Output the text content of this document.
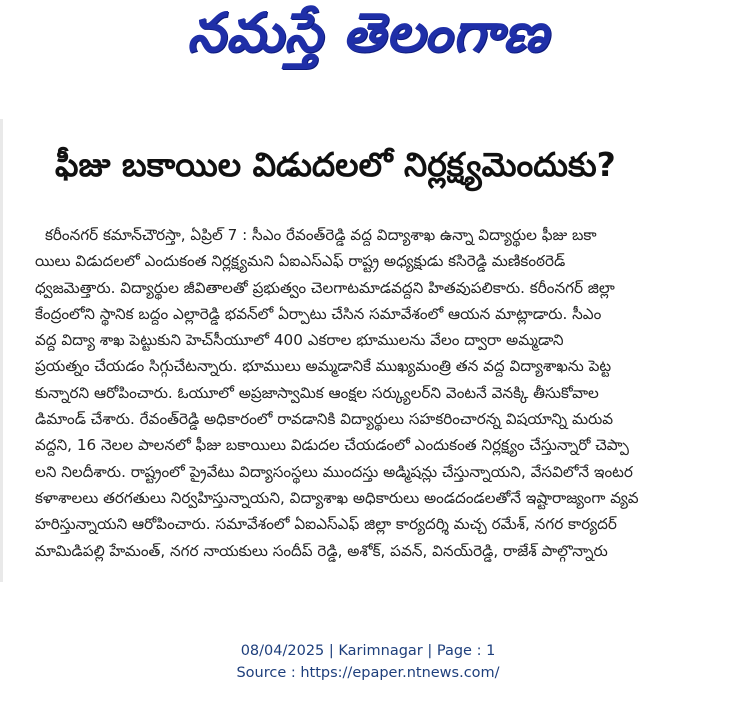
నమస్తే తెలంగాణ
ఫీజు బకాయిల విడుదలలో నిర్లక్ష్యమెందుకు?
కరీంనగర్ కమాన్‌చౌరస్తా, ఏప్రిల్ 7 : సీఎం రేవంత్‌రెడ్డి వద్ద విద్యాశాఖ ఉన్నా విద్యార్థుల ఫీజు బకా
యిలు విడుదలలో ఎందుకంత నిర్లక్ష్యమని ఏఐఎస్ఎఫ్ రాష్ట్ర అధ్యక్షుడు కసిరెడ్డి మణికంఠరెడ్
ధ్వజమెత్తారు. విద్యార్థుల జీవితాలతో ప్రభుత్వం చెలగాటమాడవద్దని హితవుపలికారు. కరీంనగర్ జిల్లా
కేంద్రంలోని స్థానిక బద్దం ఎల్లారెడ్డి భవన్‌లో ఏర్పాటు చేసిన సమావేశంలో ఆయన మాట్లాడారు. సీఎం
వద్ద విద్యా శాఖ పెట్టుకుని హెచ్‌సీయూలో 400 ఎకరాల భూములను వేలం ద్వారా అమ్మడాని
ప్రయత్నం చేయడం సిగ్గుచేటన్నారు. భూములు అమ్మడానికే ముఖ్యమంత్రి తన వద్ద విద్యాశాఖను పెట్ట
కున్నారని ఆరోపించారు. ఓయూలో అప్రజాస్వామిక ఆంక్షల సర్క్యులర్‌ని వెంటనే వెనక్కి తీసుకోవాల
డిమాండ్ చేశారు. రేవంత్‌రెడ్డి అధికారంలో రావడానికి విద్యార్థులు సహకరించారన్న విషయాన్ని మరువ
వద్దని, 16 నెలల పాలనలో ఫీజు బకాయిలు విడుదల చేయడంలో ఎందుకంత నిర్లక్ష్యం చేస్తున్నారో చెప్పా
లని నిలదీశారు. రాష్ట్రంలో ప్రైవేటు విద్యాసంస్థలు ముందస్తు అడ్మిషన్లు చేస్తున్నాయని, వేసవిలోనే ఇంటర
కళాశాలలు తరగతులు నిర్వహిస్తున్నాయని, విద్యాశాఖ అధికారులు అండదండలతోనే ఇష్టారాజ్యంగా వ్యవ
హరిస్తున్నాయని ఆరోపించారు. సమావేశంలో ఏఐఎస్ఎఫ్ జిల్లా కార్యదర్శి మచ్చ రమేశ్, నగర కార్యదర్
మామిడిపల్లి హేమంత్, నగర నాయకులు సందీప్ రెడ్డి, అశోక్, పవన్, వినయ్‌రెడ్డి, రాజేశ్ పాల్గొన్నారు
08/04/2025 | Karimnagar | Page : 1
Source : https://epaper.ntnews.com/
